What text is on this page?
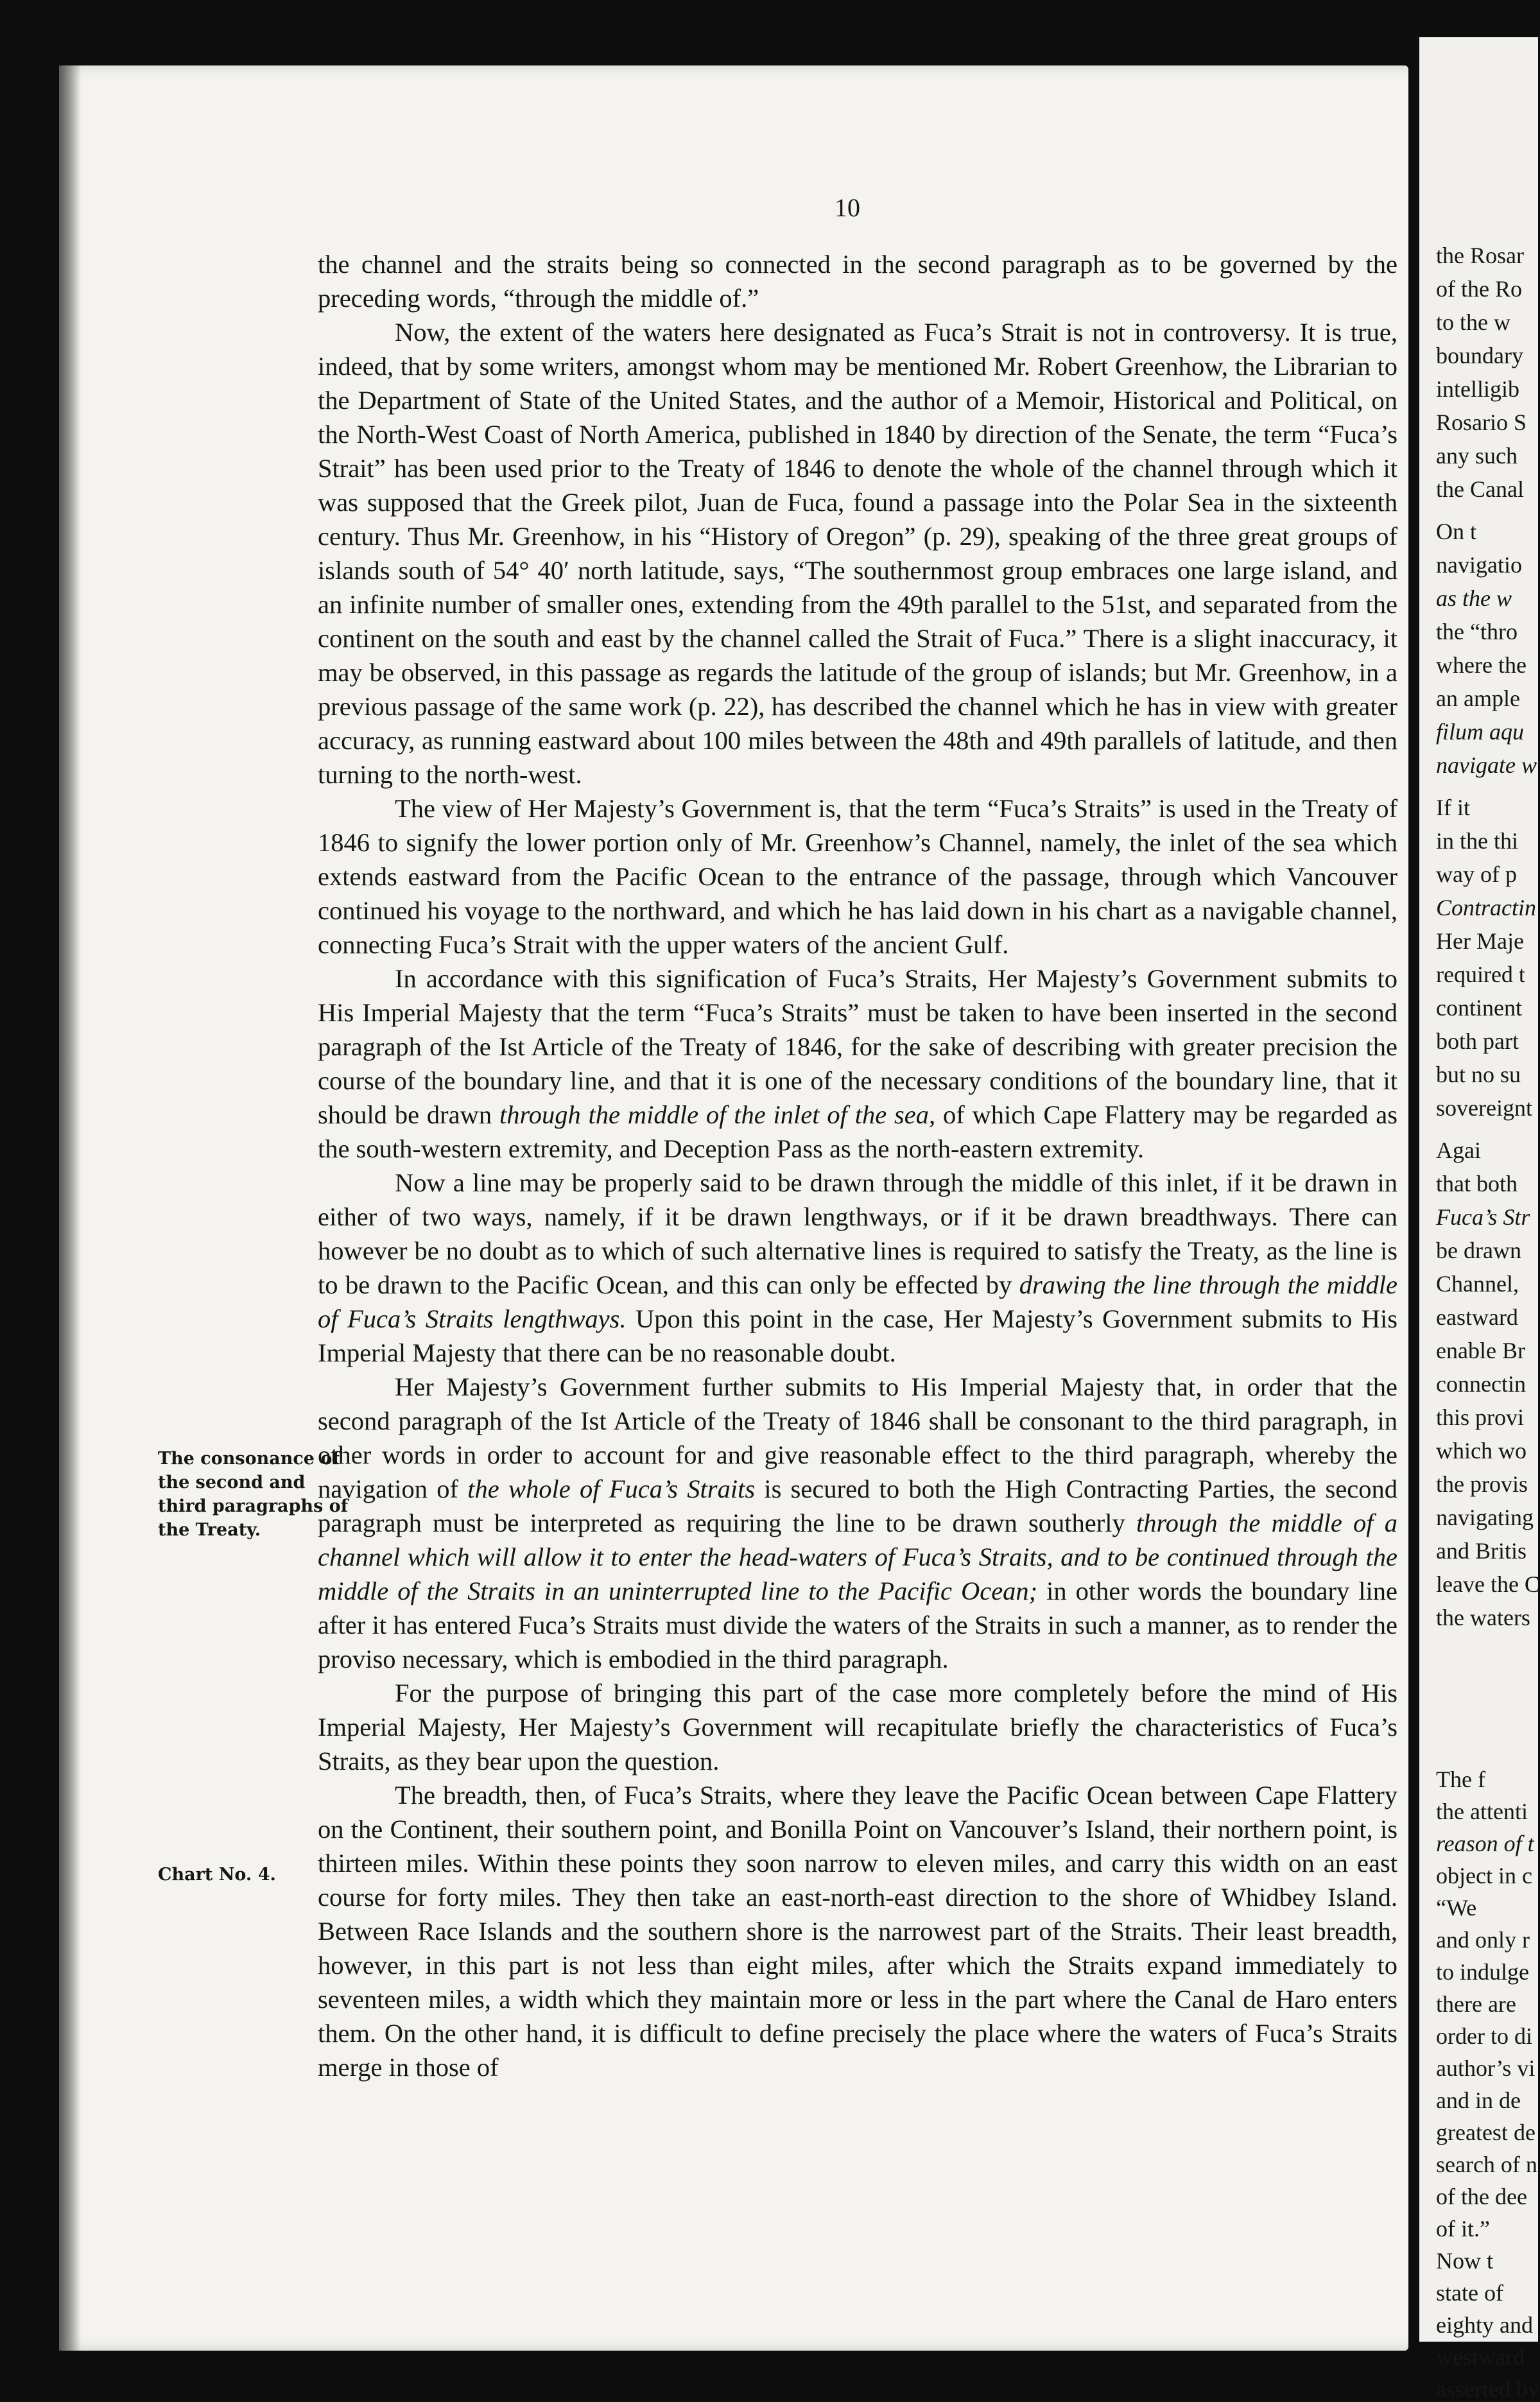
10
The consonance of the second and third paragraphs of the Treaty.
Chart No. 4.

the channel and the straits being so connected in the second paragraph as to be governed by the preceding words, “through the middle of.”

Now, the extent of the waters here designated as Fuca’s Strait is not in controversy. It is true, indeed, that by some writers, amongst whom may be mentioned Mr. Robert Greenhow, the Librarian to the Department of State of the United States, and the author of a Memoir, Historical and Political, on the North-West Coast of North America, published in 1840 by direction of the Senate, the term “Fuca’s Strait” has been used prior to the Treaty of 1846 to denote the whole of the channel through which it was supposed that the Greek pilot, Juan de Fuca, found a passage into the Polar Sea in the sixteenth century. Thus Mr. Greenhow, in his “History of Oregon” (p. 29), speaking of the three great groups of islands south of 54° 40′ north latitude, says, “The southernmost group embraces one large island, and an infinite number of smaller ones, extending from the 49th parallel to the 51st, and separated from the continent on the south and east by the channel called the Strait of Fuca.” There is a slight inaccuracy, it may be observed, in this passage as regards the latitude of the group of islands; but Mr. Greenhow, in a previous passage of the same work (p. 22), has described the channel which he has in view with greater accuracy, as running eastward about 100 miles between the 48th and 49th parallels of latitude, and then turning to the north-west.

The view of Her Majesty’s Government is, that the term “Fuca’s Straits” is used in the Treaty of 1846 to signify the lower portion only of Mr. Greenhow’s Channel, namely, the inlet of the sea which extends eastward from the Pacific Ocean to the entrance of the passage, through which Vancouver continued his voyage to the northward, and which he has laid down in his chart as a navigable channel, connecting Fuca’s Strait with the upper waters of the ancient Gulf.

In accordance with this signification of Fuca’s Straits, Her Majesty’s Government submits to His Imperial Majesty that the term “Fuca’s Straits” must be taken to have been inserted in the second paragraph of the Ist Article of the Treaty of 1846, for the sake of describing with greater precision the course of the boundary line, and that it is one of the necessary conditions of the boundary line, that it should be drawn through the middle of the inlet of the sea, of which Cape Flattery may be regarded as the south-western extremity, and Deception Pass as the north-eastern extremity.

Now a line may be properly said to be drawn through the middle of this inlet, if it be drawn in either of two ways, namely, if it be drawn lengthways, or if it be drawn breadthways. There can however be no doubt as to which of such alternative lines is required to satisfy the Treaty, as the line is to be drawn to the Pacific Ocean, and this can only be effected by drawing the line through the middle of Fuca’s Straits lengthways. Upon this point in the case, Her Majesty’s Government submits to His Imperial Majesty that there can be no reasonable doubt.

Her Majesty’s Government further submits to His Imperial Majesty that, in order that the second paragraph of the Ist Article of the Treaty of 1846 shall be consonant to the third paragraph, in other words in order to account for and give reasonable effect to the third paragraph, whereby the navigation of the whole of Fuca’s Straits is secured to both the High Contracting Parties, the second paragraph must be interpreted as requiring the line to be drawn southerly through the middle of a channel which will allow it to enter the head-waters of Fuca’s Straits, and to be continued through the middle of the Straits in an uninterrupted line to the Pacific Ocean; in other words the boundary line after it has entered Fuca’s Straits must divide the waters of the Straits in such a manner, as to render the proviso necessary, which is embodied in the third paragraph.

For the purpose of bringing this part of the case more completely before the mind of His Imperial Majesty, Her Majesty’s Government will recapitulate briefly the characteristics of Fuca’s Straits, as they bear upon the question.

The breadth, then, of Fuca’s Straits, where they leave the Pacific Ocean between Cape Flattery on the Continent, their southern point, and Bonilla Point on Vancouver’s Island, their northern point, is thirteen miles. Within these points they soon narrow to eleven miles, and carry this width on an east course for forty miles. They then take an east-north-east direction to the shore of Whidbey Island. Between Race Islands and the southern shore is the narrowest part of the Straits. Their least breadth, however, in this part is not less than eight miles, after which the Straits expand immediately to seventeen miles, a width which they maintain more or less in the part where the Canal de Haro enters them. On the other hand, it is difficult to define precisely the place where the waters of Fuca’s Straits merge in those of

the Rosar
of the Ro
to the w
boundary
intelligib
Rosario S
any such
the Canal
On t
navigatio
as the w
the “thro
where the
an ample
filum aqu
navigate w
If it
in the thi
way of p
Contractin
Her Maje
required t
continent
both part
but no su
sovereignt
Agai
that both
Fuca’s Str
be drawn
Channel,
eastward
enable Br
connectin
this provi
which wo
the provis
navigating
and Britis
leave the C
the waters
The f
the attenti
reason of t
object in c
“We
and only r
to indulge
there are
order to di
author’s vi
and in de
greatest de
search of n
of the dee
of it.”
Now t
state of
eighty and
westward
asserted by
